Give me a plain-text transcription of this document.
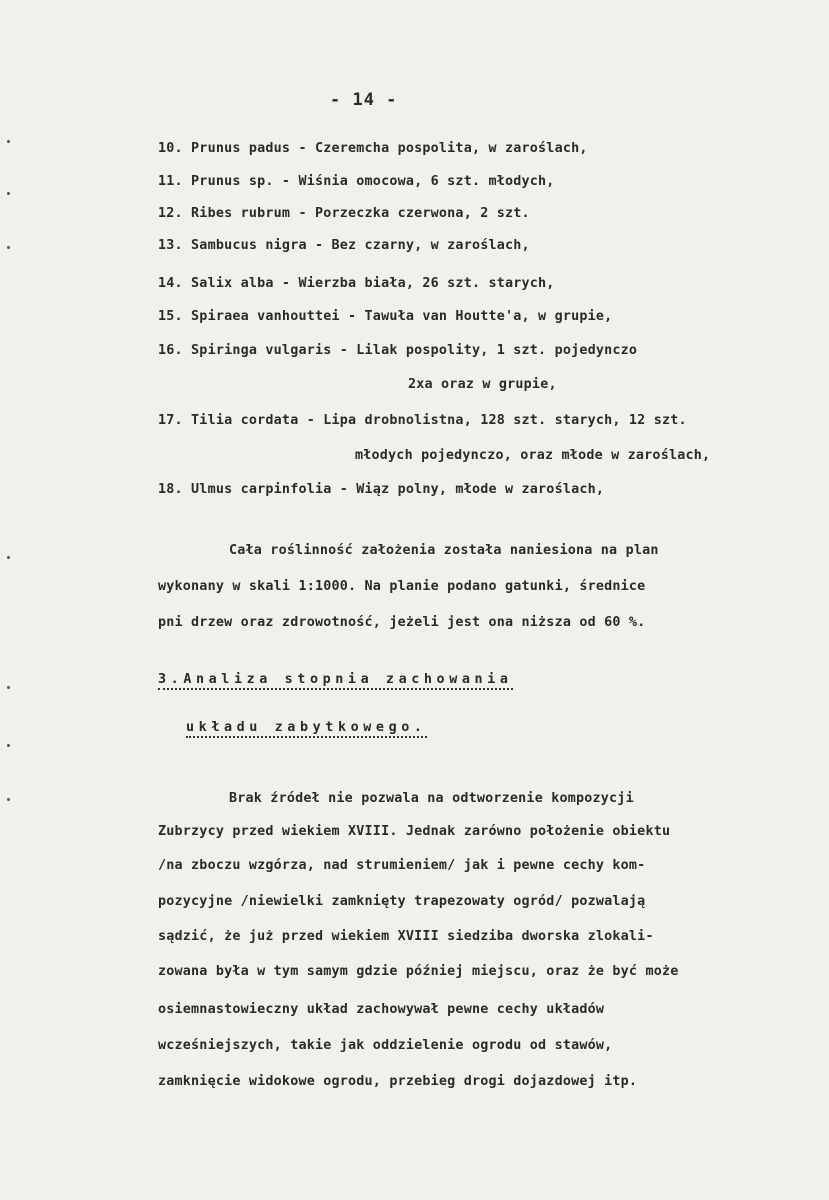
- 14 -
10. Prunus padus - Czeremcha pospolita, w zaroślach,
11. Prunus sp. - Wiśnia omocowa, 6 szt. młodych,
12. Ribes rubrum - Porzeczka czerwona, 2 szt.
13. Sambucus nigra - Bez czarny, w zaroślach,
14. Salix alba - Wierzba biała, 26 szt. starych,
15. Spiraea vanhouttei - Tawuła van Houtte'a, w grupie,
16. Spiringa vulgaris - Lilak pospolity, 1 szt. pojedynczo
2xa oraz w grupie,
17. Tilia cordata - Lipa drobnolistna, 128 szt. starych, 12 szt.
młodych pojedynczo, oraz młode w zaroślach,
18. Ulmus carpinfolia - Wiąz polny, młode w zaroślach,
Cała roślinność założenia została naniesiona na plan
wykonany w skali 1:1000. Na planie podano gatunki, średnice
pni drzew oraz zdrowotność, jeżeli jest ona niższa od 60 %.
3.Analiza stopnia zachowania
układu zabytkowego.
Brak źródeł nie pozwala na odtworzenie kompozycji
Zubrzycy przed wiekiem XVIII. Jednak zarówno położenie obiektu
/na zboczu wzgórza, nad strumieniem/ jak i pewne cechy kom-
pozycyjne /niewielki zamknięty trapezowaty ogród/ pozwalają
sądzić, że już przed wiekiem XVIII siedziba dworska zlokali-
zowana była w tym samym gdzie później miejscu, oraz że być może
osiemnastowieczny układ zachowywał pewne cechy układów
wcześniejszych, takie jak oddzielenie ogrodu od stawów,
zamknięcie widokowe ogrodu, przebieg drogi dojazdowej itp.
